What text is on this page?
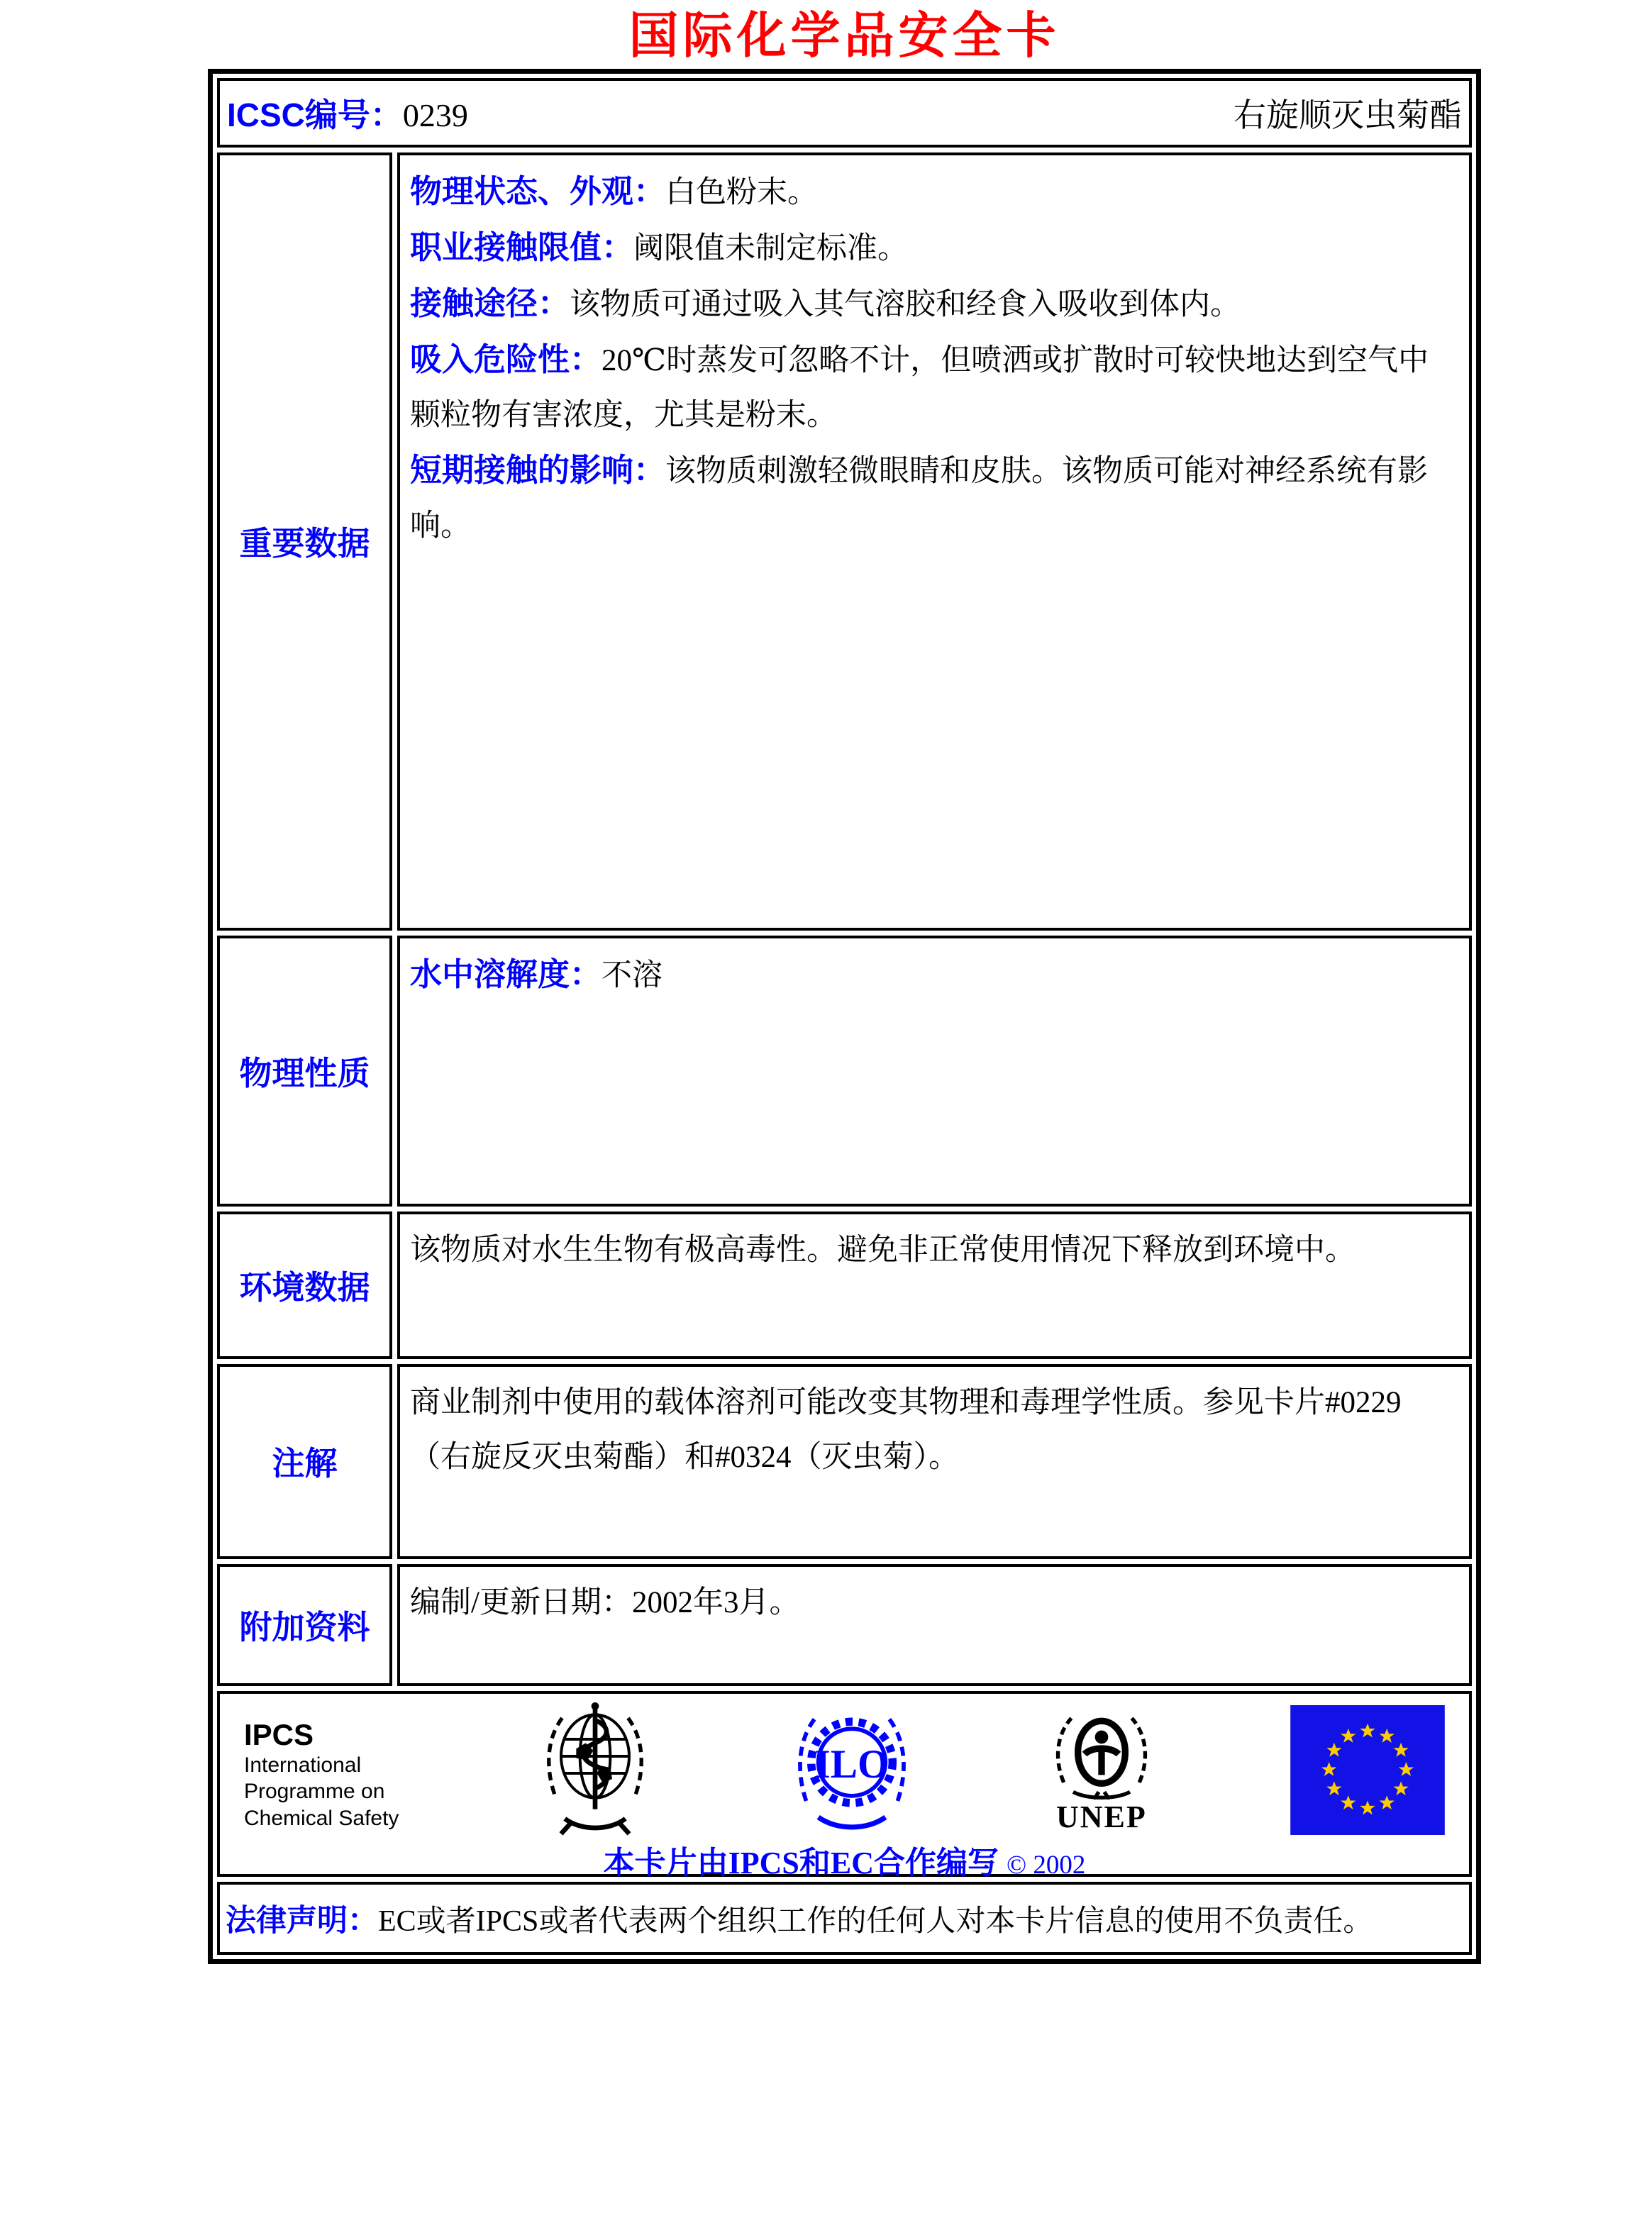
国际化学品安全卡
ICSC编号：0239	右旋顺灭虫菊酯
重要数据

物理状态、外观：白色粉末。

职业接触限值：阈限值未制定标准。

接触途径：该物质可通过吸入其气溶胶和经食入吸收到体内。

吸入危险性：20℃时蒸发可忽略不计，但喷洒或扩散时可较快地达到空气中颗粒物有害浓度，尤其是粉末。

短期接触的影响：该物质刺激轻微眼睛和皮肤。该物质可能对神经系统有影响。

物理性质

水中溶解度：不溶

环境数据

该物质对水生生物有极高毒性。避免非正常使用情况下释放到环境中。

注解

商业制剂中使用的载体溶剂可能改变其物理和毒理学性质。参见卡片#0229（右旋反灭虫菊酯）和#0324（灭虫菊）。

附加资料

编制/更新日期：2002年3月。

IPCS
International
Programme on
Chemical Safety
ILO
UNEP
本卡片由IPCS和EC合作编写 © 2002

法律声明：EC或者IPCS或者代表两个组织工作的任何人对本卡片信息的使用不负责任。
